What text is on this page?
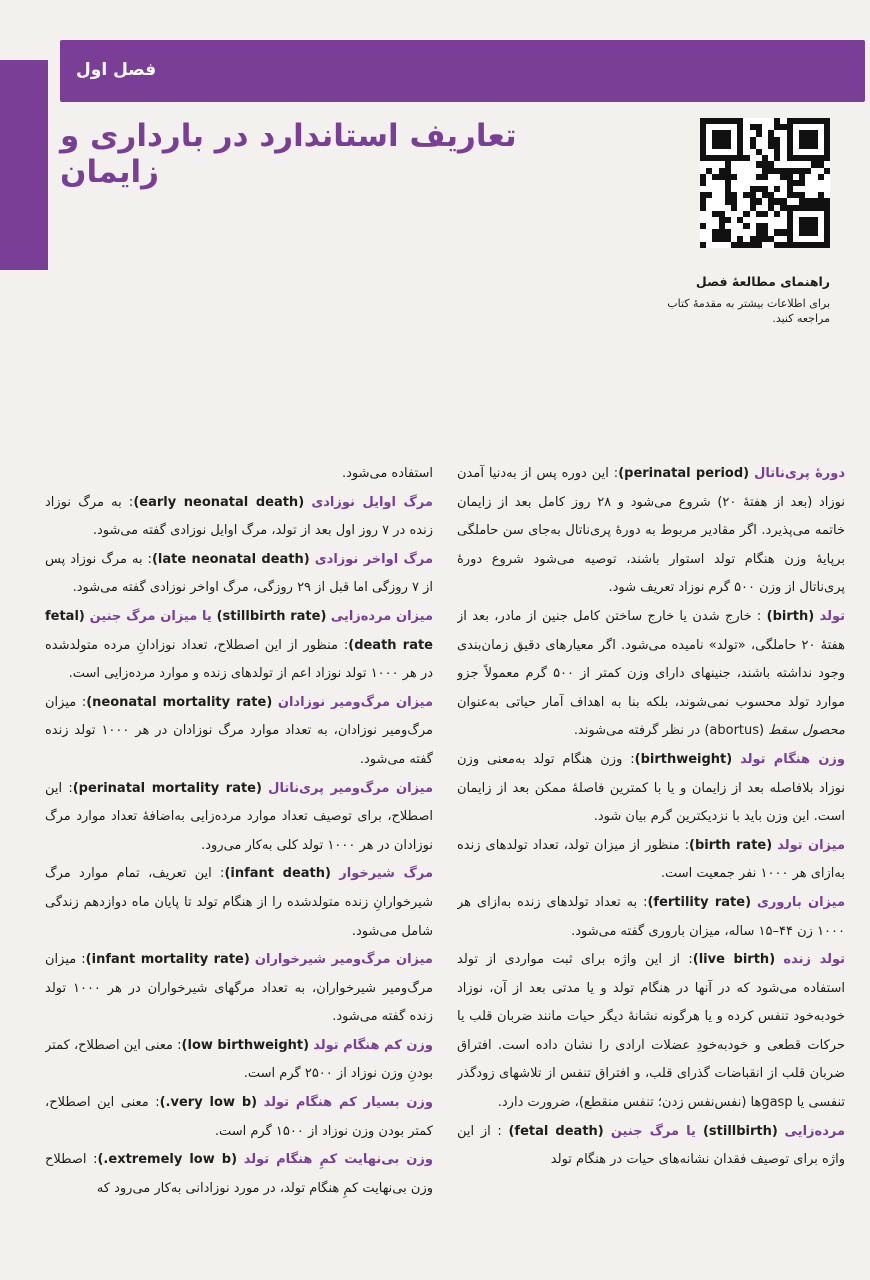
فصل اول
تعاریف استاندارد در بارداری و زایمان
راهنمای مطالعهٔ فصل
برای اطلاعات بیشتر به مقدمهٔ کتاب مراجعه کنید.

دورهٔ پری‌ناتال (perinatal period): این دوره پس از به‌دنیا آمدن نوزاد (بعد از هفتهٔ ۲۰) شروع می‌شود و ۲۸ روز کامل بعد از زایمان خاتمه می‌پذیرد. اگر مقادیر مربوط به دورهٔ پری‌ناتال به‌جای سن حاملگی برپایهٔ وزن هنگام تولد استوار باشند، توصیه می‌شود شروع دورهٔ پری‌ناتال از وزن ۵۰۰ گرم نوزاد تعریف شود.

تولد (birth) : خارج شدن یا خارج ساختن کامل جنین از مادر، بعد از هفتهٔ ۲۰ حاملگی، «تولد» نامیده می‌شود. اگر معیارهای دقیق زمان‌بندی وجود نداشته باشند، جنینهای دارای وزن کمتر از ۵۰۰ گرم معمولاً جزو موارد تولد محسوب نمی‌شوند، بلکه بنا به اهداف آمار حیاتی به‌عنوان محصول سقط (abortus) در نظر گرفته می‌شوند.

وزن هنگام تولد (birthweight): وزن هنگام تولد به‌معنی وزن نوزاد بلافاصله بعد از زایمان و یا با کمترین فاصلهٔ ممکن بعد از زایمان است. این وزن باید با نزدیکترین گرم بیان شود.

میزان تولد (birth rate): منظور از میزان تولد، تعداد تولدهای زنده به‌ازای هر ۱۰۰۰ نفر جمعیت است.

میزان باروری (fertility rate): به تعداد تولدهای زنده به‌ازای هر ۱۰۰۰ زن ۴۴–۱۵ ساله، میزان باروری گفته می‌شود.

تولد زنده (live birth): از این واژه برای ثبت مواردی از تولد استفاده می‌شود که در آنها در هنگام تولد و یا مدتی بعد از آن، نوزاد خودبه‌خود تنفس کرده و یا هرگونه نشانهٔ دیگر حیات مانند ضربان قلب یا حرکات قطعی و خودبه‌خودِ عضلات ارادی را نشان داده است. افتراق ضربان قلب از انقباضات گذرای قلب، و افتراق تنفس از تلاشهای زودگذر تنفسی یا gaspها (نفس‌نفس زدن؛ تنفس منقطع)، ضرورت دارد.

مرده‌زایی (stillbirth) یا مرگ جنین (fetal death) : از این واژه برای توصیف فقدان نشانه‌های حیات در هنگام تولد

استفاده می‌شود.

مرگ اوایل نوزادی (early neonatal death): به مرگ نوزاد زنده در ۷ روز اول بعد از تولد، مرگ اوایل نوزادی گفته می‌شود.

مرگ اواخر نوزادی (late neonatal death): به مرگ نوزاد پس از ۷ روزگی اما قبل از ۲۹ روزگی، مرگ اواخر نوزادی گفته می‌شود.

میزان مرده‌زایی (stillbirth rate) یا میزان مرگ جنین (fetal death rate): منظور از این اصطلاح، تعداد نوزادانِ مرده متولدشده در هر ۱۰۰۰ تولد نوزاد اعم از تولدهای زنده و موارد مرده‌زایی است.

میزان مرگ‌ومیر نوزادان (neonatal mortality rate): میزان مرگ‌ومیر نوزادان، به تعداد موارد مرگ نوزادان در هر ۱۰۰۰ تولد زنده گفته می‌شود.

میزان مرگ‌ومیر پری‌ناتال (perinatal mortality rate): این اصطلاح، برای توصیف تعداد موارد مرده‌زایی به‌اضافهٔ تعداد موارد مرگ نوزادان در هر ۱۰۰۰ تولد کلی به‌کار می‌رود.

مرگ شیرخوار (infant death): این تعریف، تمام موارد مرگ شیرخوارانِ زنده متولدشده را از هنگام تولد تا پایان ماه دوازدهم زندگی شامل می‌شود.

میزان مرگ‌ومیر شیرخواران (infant mortality rate): میزان مرگ‌ومیر شیرخواران، به تعداد مرگهای شیرخواران در هر ۱۰۰۰ تولد زنده گفته می‌شود.

وزن کم هنگام تولد (low birthweight): معنی این اصطلاح، کمتر بودنِ وزن نوزاد از ۲۵۰۰ گرم است.

وزن بسیار کم هنگام تولد (very low b.): معنی این اصطلاح، کمتر بودن وزن نوزاد از ۱۵۰۰ گرم است.

وزن بی‌نهایت کمِ هنگام تولد (extremely low b.): اصطلاح وزن بی‌نهایت کمِ هنگام تولد، در مورد نوزادانی به‌کار می‌رود که
